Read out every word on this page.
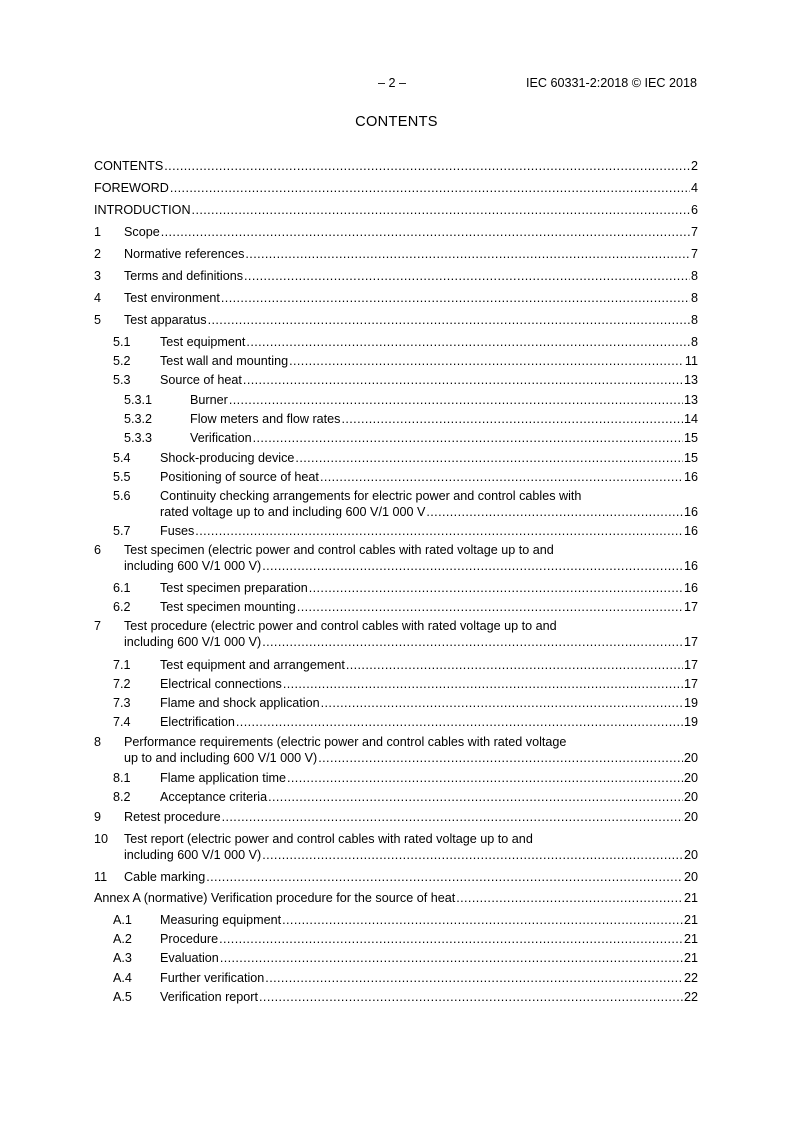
– 2 –	IEC 60331-2:2018 © IEC 2018
CONTENTS
CONTENTS .....	2
FOREWORD .....	4
INTRODUCTION .....	6
1 Scope .....	7
2 Normative references .....	7
3 Terms and definitions .....	8
4 Test environment .....	8
5 Test apparatus .....	8
5.1 Test equipment .....	8
5.2 Test wall and mounting .....	11
5.3 Source of heat .....	13
5.3.1	Burner .....	13
5.3.2	Flow meters and flow rates .....	14
5.3.3	Verification .....	15
5.4 Shock-producing device .....	15
5.5 Positioning of source of heat .....	16
5.6 Continuity checking arrangements for electric power and control cables with
rated voltage up to and including 600 V/1 000 V .....	16
5.7 Fuses .....	16
6 Test specimen (electric power and control cables with rated voltage up to and
including 600 V/1 000 V) .....	16
6.1 Test specimen preparation .....	16
6.2 Test specimen mounting .....	17
7 Test procedure (electric power and control cables with rated voltage up to and
including 600 V/1 000 V) .....	17
7.1 Test equipment and arrangement .....	17
7.2 Electrical connections .....	17
7.3 Flame and shock application .....	19
7.4 Electrification .....	19
8 Performance requirements (electric power and control cables with rated voltage
up to and including 600 V/1 000 V) .....	20
8.1 Flame application time .....	20
8.2 Acceptance criteria .....	20
9 Retest procedure .....	20
10 Test report (electric power and control cables with rated voltage up to and
including 600 V/1 000 V) .....	20
11 Cable marking .....	20
Annex A (normative) Verification procedure for the source of heat .....	21
A.1 Measuring equipment .....	21
A.2 Procedure .....	21
A.3 Evaluation .....	21
A.4 Further verification .....	22
A.5 Verification report .....	22
